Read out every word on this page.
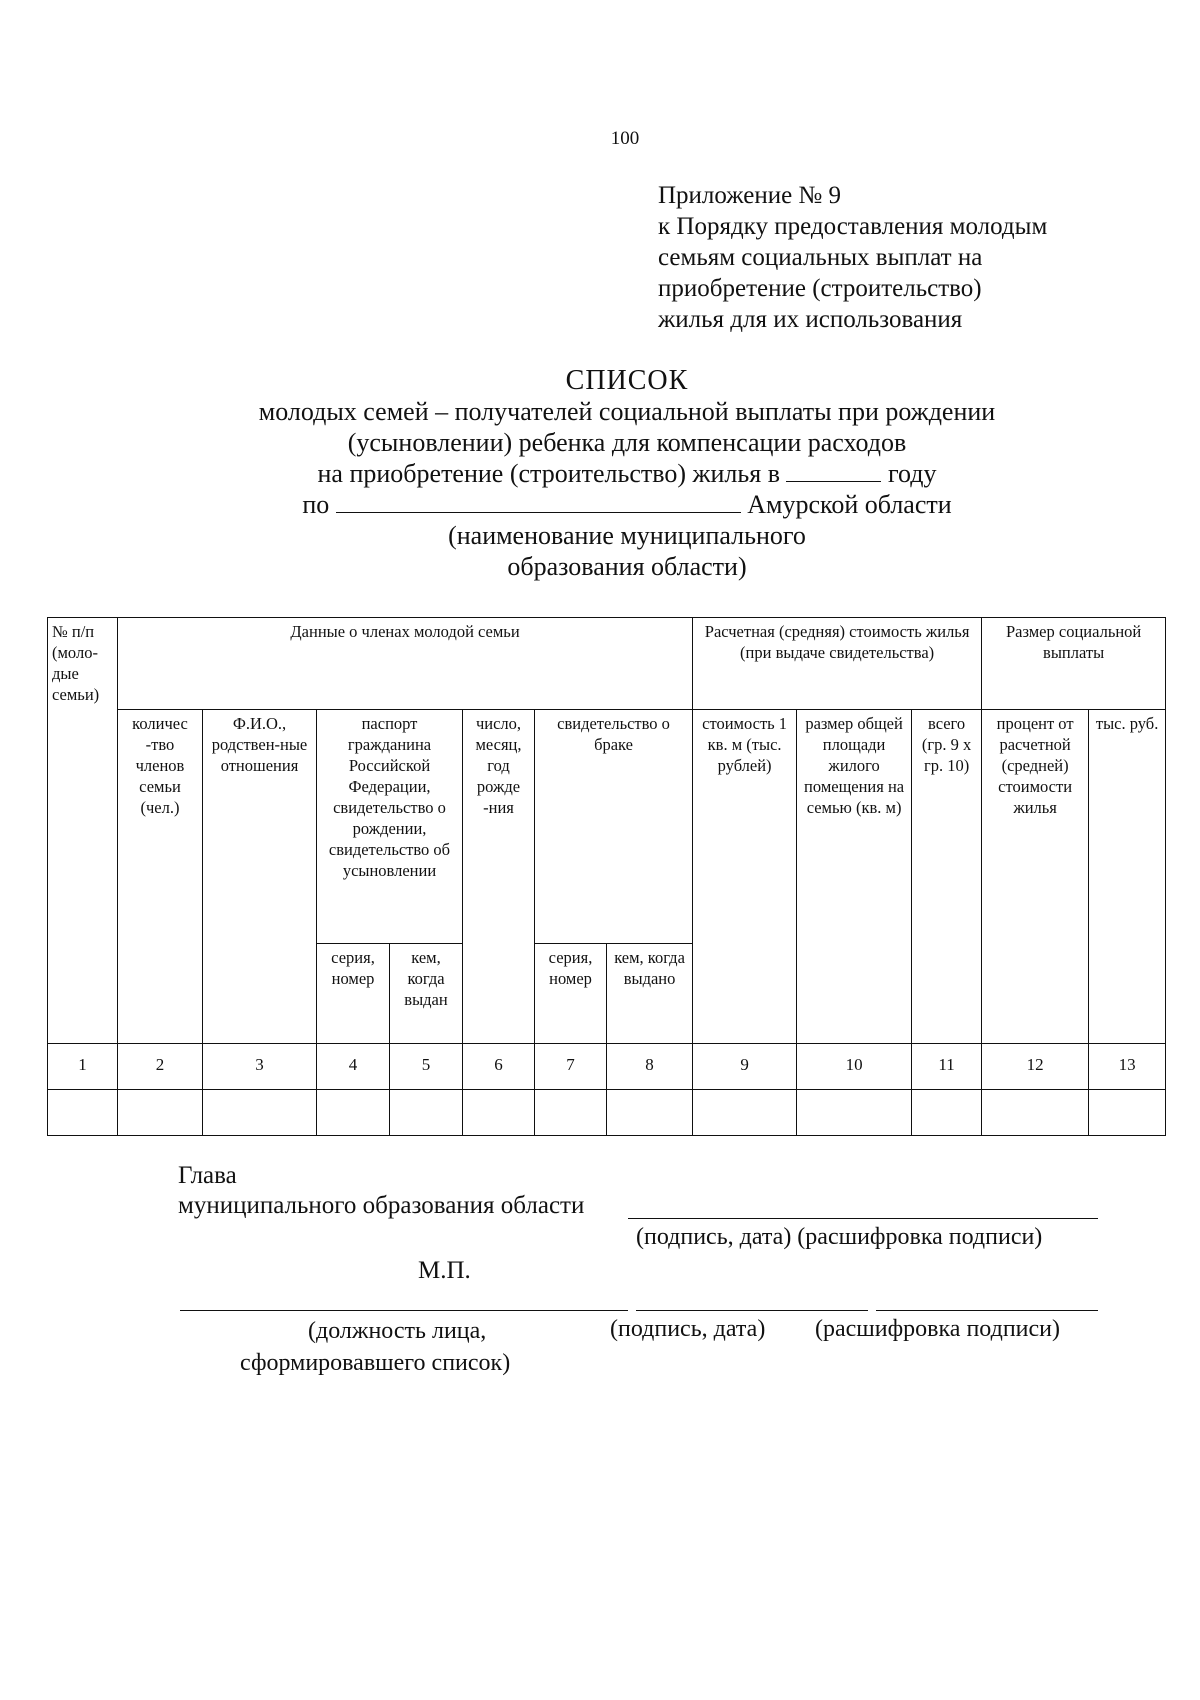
100
Приложение № 9
к Порядку предоставления молодым
семьям социальных выплат на
приобретение (строительство)
жилья для их использования
СПИСОК
молодых семей – получателей социальной выплаты при рождении
(усыновлении) ребенка для компенсации расходов
на приобретение (строительство) жилья в	году
по	Амурской области
(наименование муниципального
образования области)
№ п/п (моло-дые семьи)	Данные о членах молодой семьи							Расчетная (средняя) стоимость жилья (при выдаче свидетельства)			Размер социальной выплаты	
	количес -тво членов семьи (чел.)	Ф.И.О., родствен-ные отношения	паспорт гражданина Российской Федерации, свидетельство о рождении, свидетельство об усыновлении		число, месяц, год рожде -ния	свидетельство о браке		стоимость 1 кв. м (тыс. рублей)	размер общей площади жилого помещения на семью (кв. м)	всего (гр. 9 х гр. 10)	процент от расчетной (средней) стоимости жилья	тыс. руб.
			серия, номер	кем, когда выдан		серия, номер	кем, когда выдано					
1	2	3	4	5	6	7	8	9	10	11	12	13

Глава
муниципального образования области
(подпись, дата) (расшифровка подписи)
М.П.
(должность лица,
сформировавшего список)
(подпись, дата) (расшифровка подписи)
